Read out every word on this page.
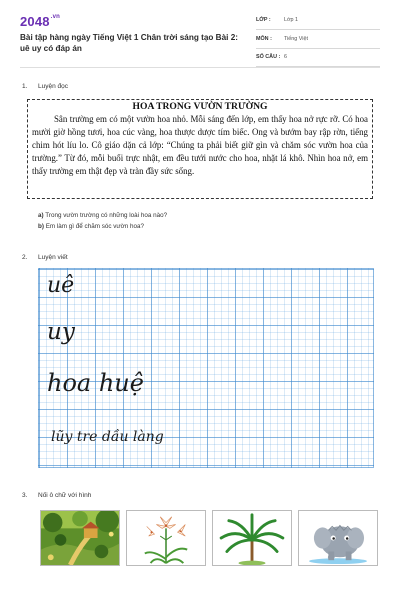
$2048^{.vn}$
Bài tập hàng ngày Tiếng Việt 1 Chân trời sáng tạo Bài 2: uê uy có đáp án
LỚP : Lớp 1
MÔN : Tiếng Việt
SỐ CÂU : 6
1. Luyện đọc
HOA TRONG VƯỜN TRƯỜNG

Sân trường em có một vườn hoa nhỏ. Mỗi sáng đến lớp, em thấy hoa nở rực rỡ. Có hoa mười giờ hồng tươi, hoa cúc vàng, hoa thược dược tím biếc. Ong và bướm bay rập rờn, tiếng chim hót líu lo. Cô giáo dặn cả lớp: “Chúng ta phải biết giữ gìn và chăm sóc vườn hoa của trường.” Từ đó, mỗi buổi trực nhật, em đều tưới nước cho hoa, nhặt lá khô. Nhìn hoa nở, em thấy trường em thật đẹp và tràn đầy sức sống.

a) Trong vườn trường có những loài hoa nào?
b) Em làm gì để chăm sóc vườn hoa?
2. Luyện viết
uê
uy
hoa huệ
lũy tre dầu làng
3. Nối ô chữ với hình
